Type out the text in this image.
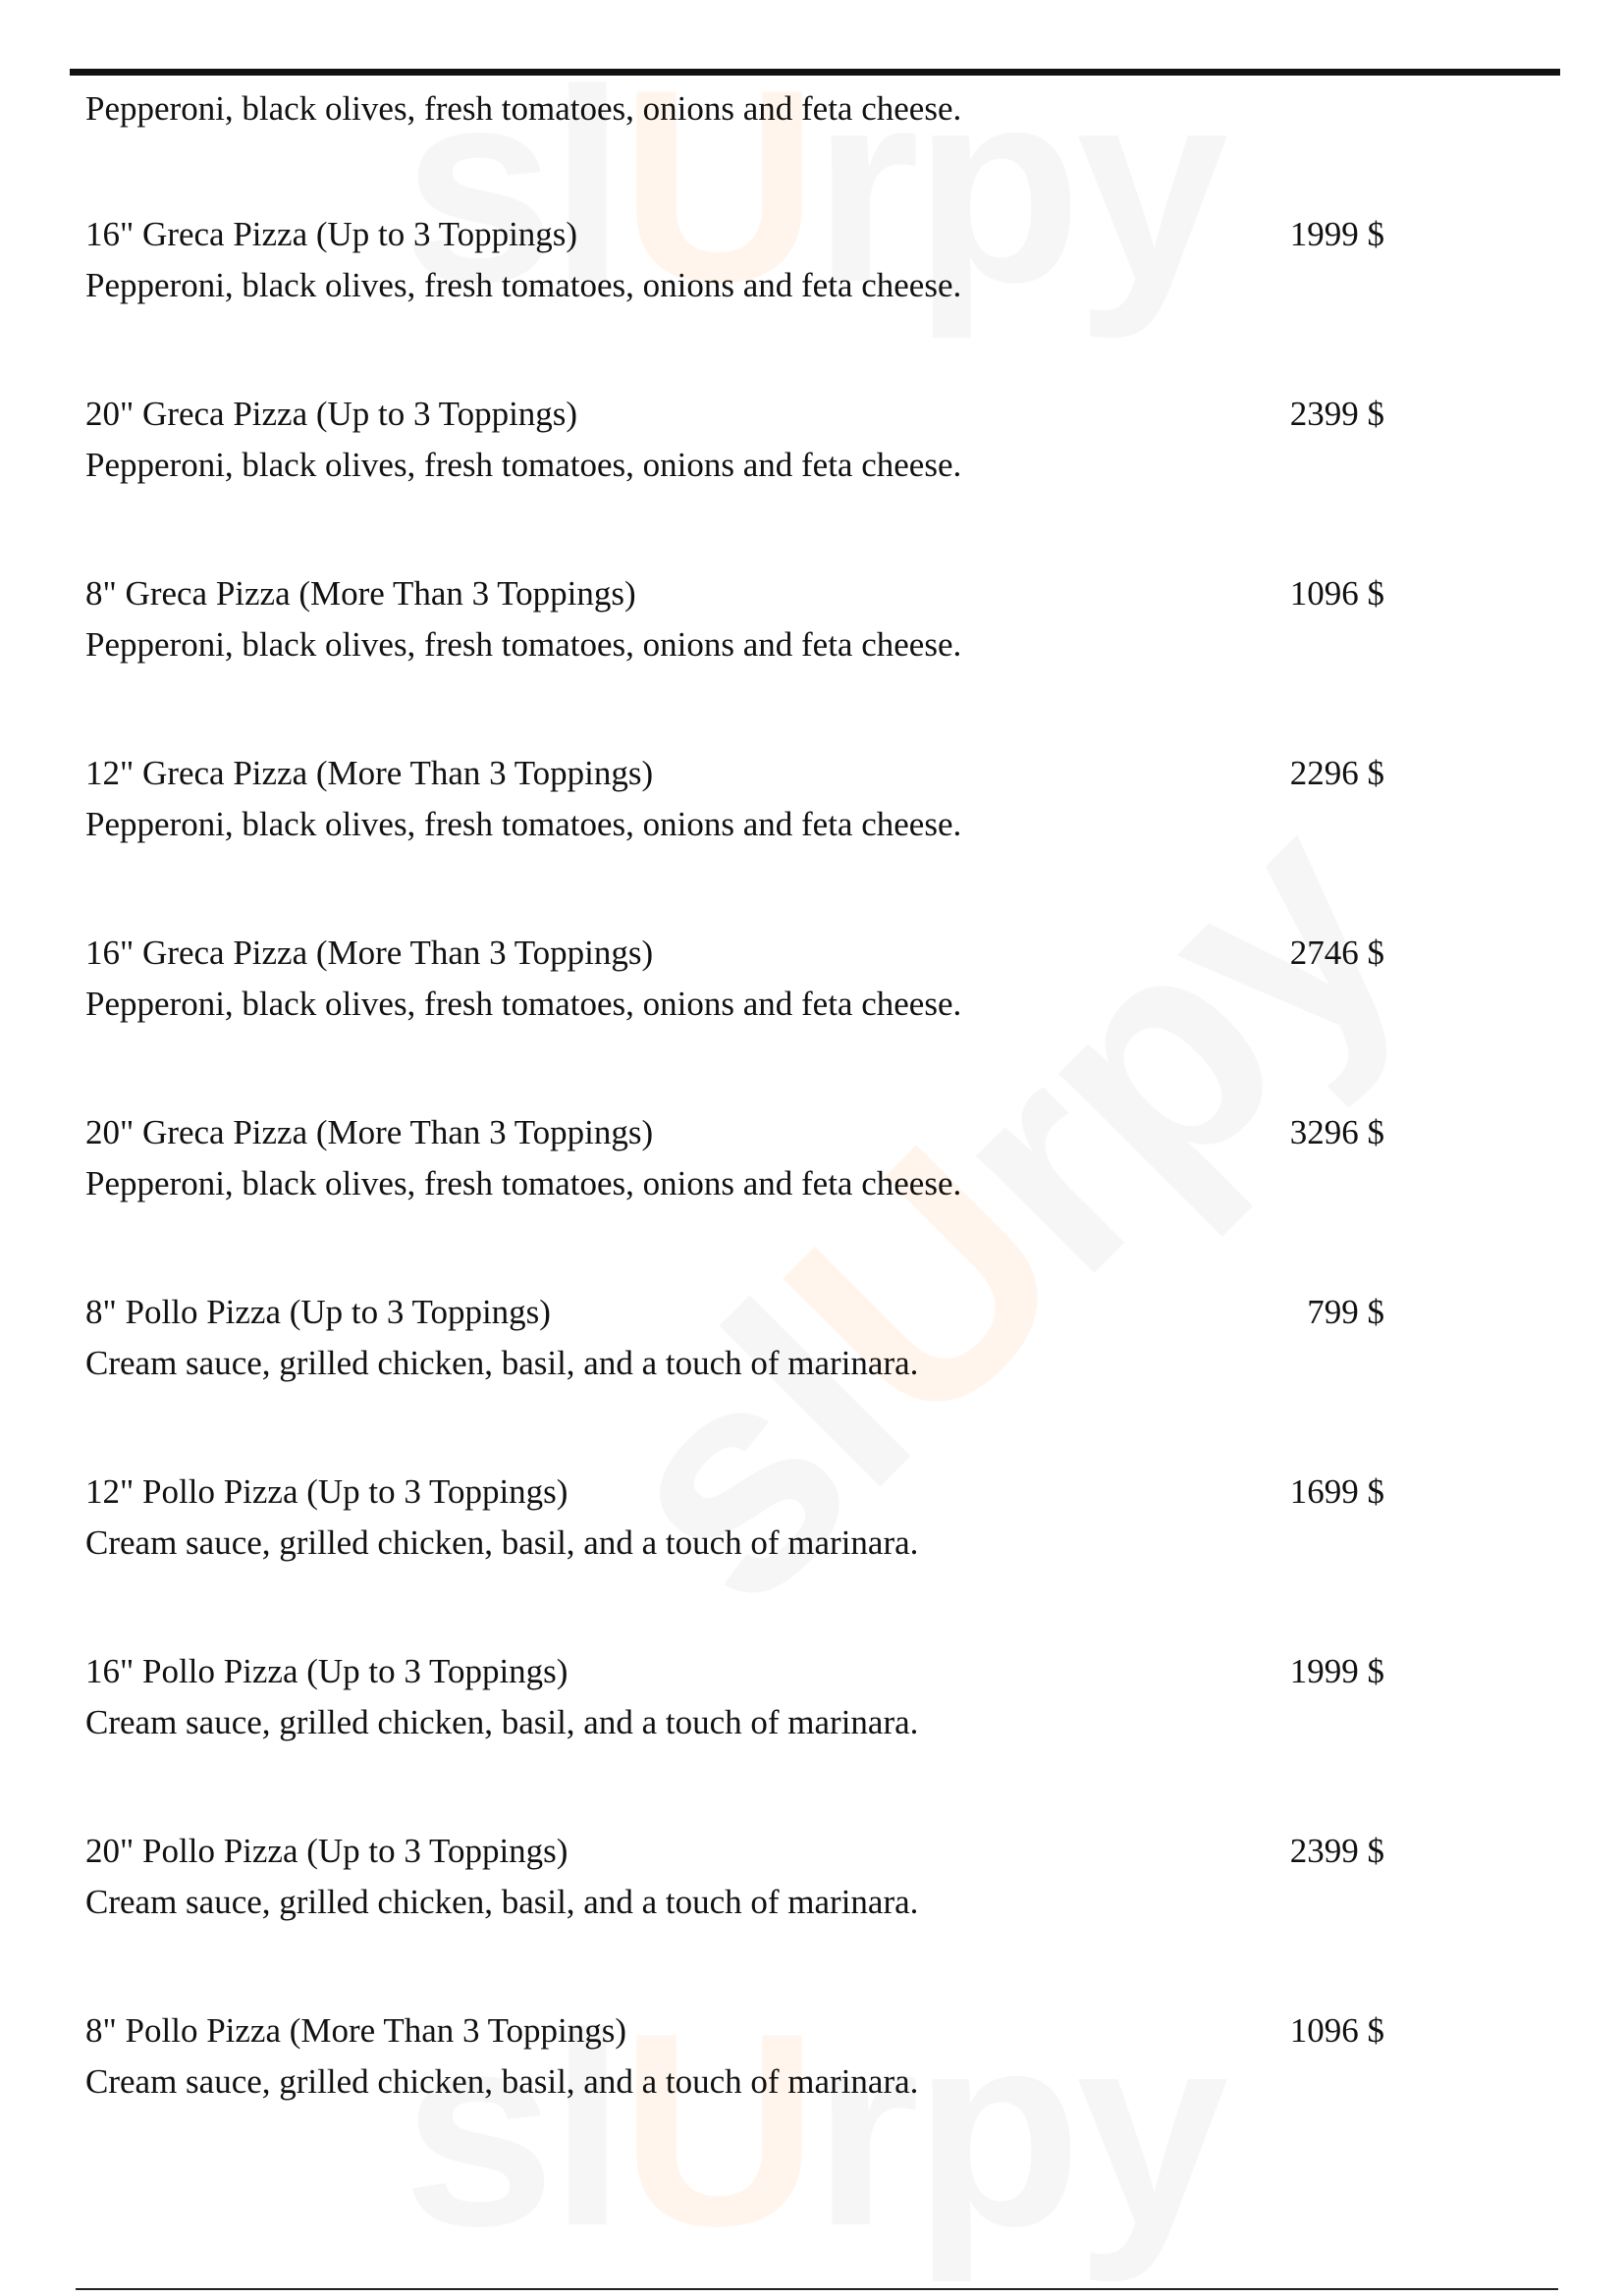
U
U
U
Pepperoni, black olives, fresh tomatoes, onions and feta cheese.
16" Greca Pizza (Up to 3 Toppings)	1999 $
Pepperoni, black olives, fresh tomatoes, onions and feta cheese.
20" Greca Pizza (Up to 3 Toppings)	2399 $
Pepperoni, black olives, fresh tomatoes, onions and feta cheese.
8" Greca Pizza (More Than 3 Toppings)	1096 $
Pepperoni, black olives, fresh tomatoes, onions and feta cheese.
12" Greca Pizza (More Than 3 Toppings)	2296 $
Pepperoni, black olives, fresh tomatoes, onions and feta cheese.
16" Greca Pizza (More Than 3 Toppings)	2746 $
Pepperoni, black olives, fresh tomatoes, onions and feta cheese.
20" Greca Pizza (More Than 3 Toppings)	3296 $
Pepperoni, black olives, fresh tomatoes, onions and feta cheese.
8" Pollo Pizza (Up to 3 Toppings)	799 $
Cream sauce, grilled chicken, basil, and a touch of marinara.
12" Pollo Pizza (Up to 3 Toppings)	1699 $
Cream sauce, grilled chicken, basil, and a touch of marinara.
16" Pollo Pizza (Up to 3 Toppings)	1999 $
Cream sauce, grilled chicken, basil, and a touch of marinara.
20" Pollo Pizza (Up to 3 Toppings)	2399 $
Cream sauce, grilled chicken, basil, and a touch of marinara.
8" Pollo Pizza (More Than 3 Toppings)	1096 $
Cream sauce, grilled chicken, basil, and a touch of marinara.
